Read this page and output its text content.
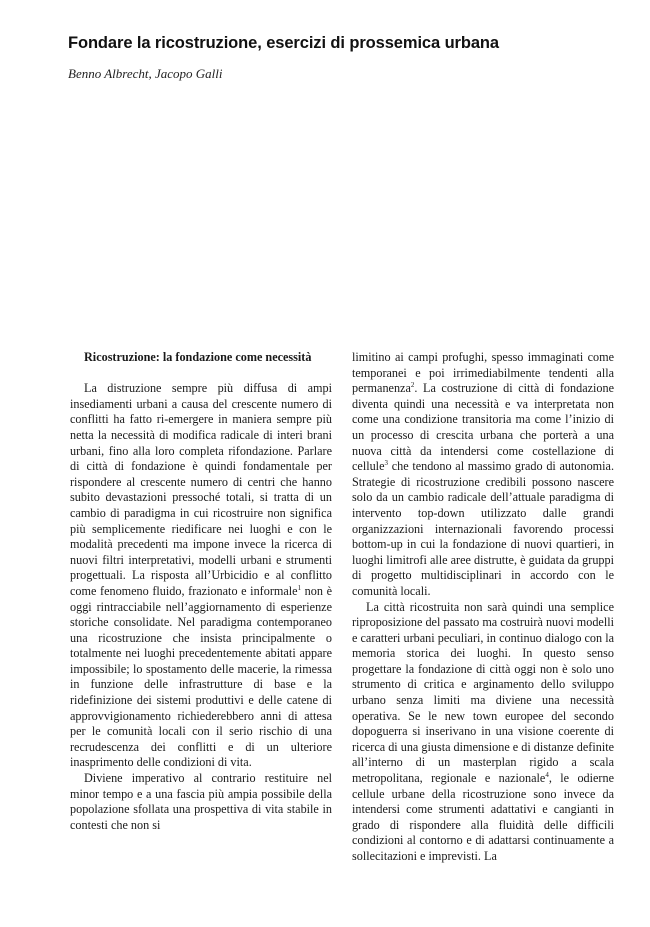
Fondare la ricostruzione, esercizi di prossemica urbana
Benno Albrecht, Jacopo Galli

Ricostruzione: la fondazione come necessità

La distruzione sempre più diffusa di ampi insediamenti urbani a causa del crescente numero di conflitti ha fatto ri-emergere in maniera sempre più netta la necessità di modifica radicale di interi brani urbani, fino alla loro completa rifondazione. Parlare di città di fondazione è quindi fondamentale per rispondere al crescente numero di centri che hanno subito devastazioni pressoché totali, si tratta di un cambio di paradigma in cui ricostruire non significa più semplicemente riedificare nei luoghi e con le modalità precedenti ma impone invece la ricerca di nuovi filtri interpretativi, modelli urbani e strumenti progettuali. La risposta all’Urbicidio e al conflitto come fenomeno fluido, frazionato e informale$^1$ non è oggi rintracciabile nell’aggiornamento di esperienze storiche consolidate. Nel paradigma contemporaneo una ricostruzione che insista principalmente o totalmente nei luoghi precedentemente abitati appare impossibile; lo spostamento delle macerie, la rimessa in funzione delle infrastrutture di base e la ridefinizione dei sistemi produttivi e delle catene di approvvigionamento richiederebbero anni di attesa per le comunità locali con il serio rischio di una recrudescenza dei conflitti e di un ulteriore inasprimento delle condizioni di vita.

Diviene imperativo al contrario restituire nel minor tempo e a una fascia più ampia possibile della popolazione sfollata una prospettiva di vita stabile in contesti che non si

limitino ai campi profughi, spesso immaginati come temporanei e poi irrimediabilmente tendenti alla permanenza$^2$. La costruzione di città di fondazione diventa quindi una necessità e va interpretata non come una condizione transitoria ma come l’inizio di un processo di crescita urbana che porterà a una nuova città da intendersi come costellazione di cellule$^3$ che tendono al massimo grado di autonomia. Strategie di ricostruzione credibili possono nascere solo da un cambio radicale dell’attuale paradigma di intervento top-down utilizzato dalle grandi organizzazioni internazionali favorendo processi bottom-up in cui la fondazione di nuovi quartieri, in luoghi limitrofi alle aree distrutte, è guidata da gruppi di progetto multidisciplinari in accordo con le comunità locali.

La città ricostruita non sarà quindi una semplice riproposizione del passato ma costruirà nuovi modelli e caratteri urbani peculiari, in continuo dialogo con la memoria storica dei luoghi. In questo senso progettare la fondazione di città oggi non è solo uno strumento di critica e arginamento dello sviluppo urbano senza limiti ma diviene una necessità operativa. Se le new town europee del secondo dopoguerra si inserivano in una visione coerente di ricerca di una giusta dimensione e di distanze definite all’interno di un masterplan rigido a scala metropolitana, regionale e nazionale$^4$, le odierne cellule urbane della ricostruzione sono invece da intendersi come strumenti adattativi e cangianti in grado di rispondere alla fluidità delle difficili condizioni al contorno e di adattarsi continuamente a sollecitazioni e imprevisti. La
